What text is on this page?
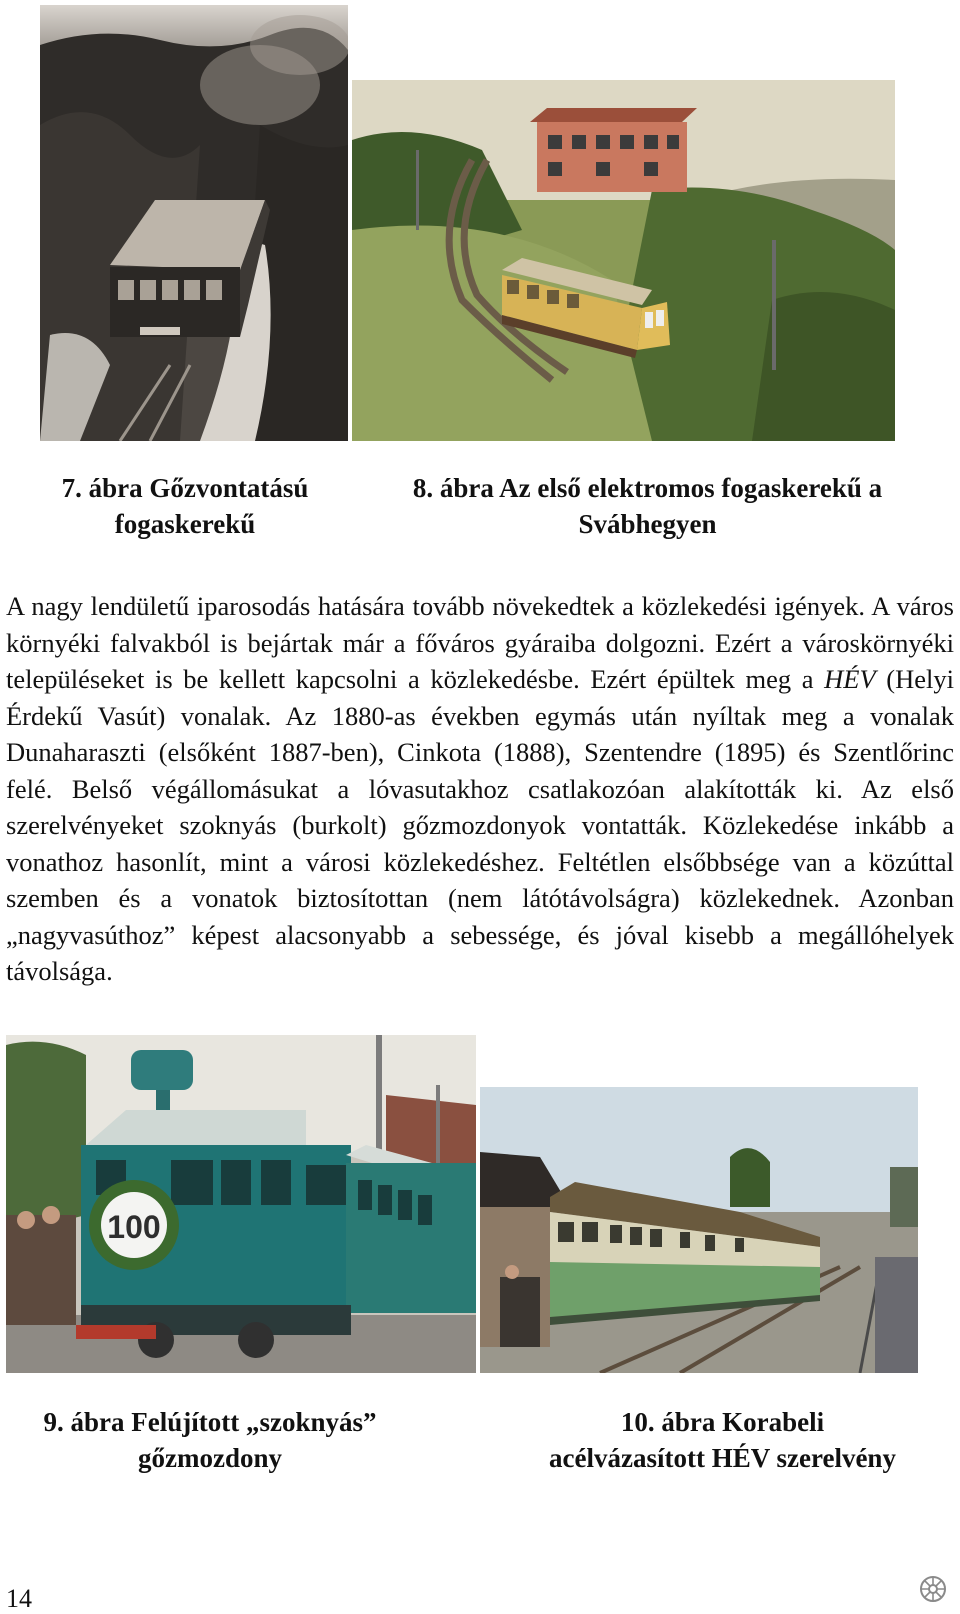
7. ábra Gőzvontatású
fogaskerekű
8. ábra Az első elektromos fogaskerekű a
Svábhegyen

A nagy lendületű iparosodás hatására tovább növekedtek a közlekedési igények. A város környéki falvakból is bejártak már a főváros gyáraiba dolgozni. Ezért a városkörnyéki településeket is be kellett kapcsolni a közlekedésbe. Ezért épültek meg a HÉV (Helyi Érdekű Vasút) vonalak. Az 1880-as években egymás után nyíltak meg a vonalak Dunaharaszti (elsőként 1887-ben), Cinkota (1888), Szentendre (1895) és Szentlőrinc felé. Belső végállomásukat a lóvasutakhoz csatlakozóan alakították ki. Az első szerelvényeket szoknyás (burkolt) gőzmozdonyok vontatták. Közlekedése inkább a vonathoz hasonlít, mint a városi közlekedéshez. Feltétlen elsőbbsége van a közúttal szemben és a vonatok biztosítottan (nem látótávolságra) közlekednek. Azonban „nagyvasúthoz” képest alacsonyabb a sebessége, és jóval kisebb a megállóhelyek távolsága.

100
9. ábra Felújított „szoknyás”
gőzmozdony
10. ábra Korabeli
acélvázasított HÉV szerelvény
14
